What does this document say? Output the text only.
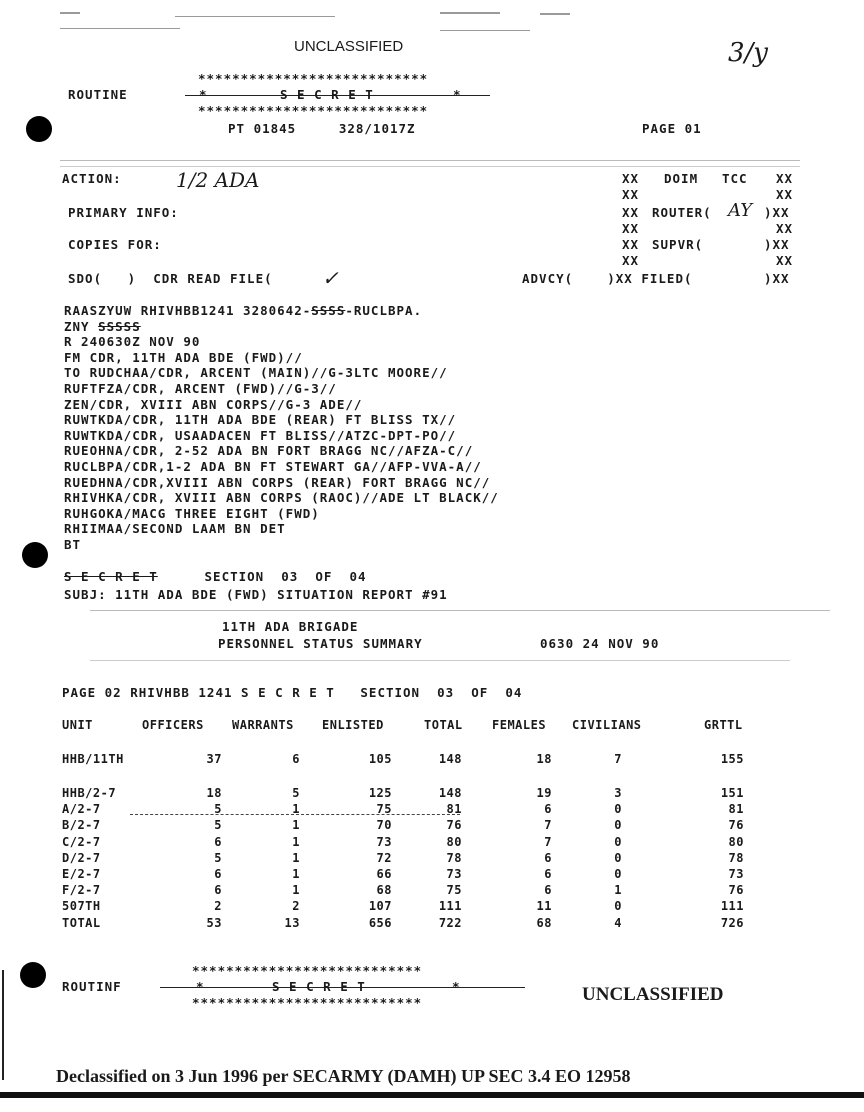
UNCLASSIFIED	3/y
***************************
ROUTINE	*	S E C R E T	*
***************************
PT 01845     328/1017Z	PAGE 01
ACTION:	1/2 ADA	XX DOIM TCC XX
XX	XX
PRIMARY INFO:	XX ROUTER( AY )XX
XX	XX
COPIES FOR:	XX SUPVR(	)XX
XX	XX
SDO(   )  CDR READ FILE( ✓	ADVCY(    )XX FILED(	)XX
RAASZYUW RHIVHBB1241 3280642-SSSS-RUCLBPA.
ZNY SSSSS
R 240630Z NOV 90
FM CDR, 11TH ADA BDE (FWD)//
TO RUDCHAA/CDR, ARCENT (MAIN)//G-3LTC MOORE//
RUFTFZA/CDR, ARCENT (FWD)//G-3//
ZEN/CDR, XVIII ABN CORPS//G-3 ADE//
RUWTKDA/CDR, 11TH ADA BDE (REAR) FT BLISS TX//
RUWTKDA/CDR, USAADACEN FT BLISS//ATZC-DPT-PO//
RUEOHNA/CDR, 2-52 ADA BN FORT BRAGG NC//AFZA-C//
RUCLBPA/CDR,1-2 ADA BN FT STEWART GA//AFP-VVA-A//
RUEDHNA/CDR,XVIII ABN CORPS (REAR) FORT BRAGG NC//
RHIVHKA/CDR, XVIII ABN CORPS (RAOC)//ADE LT BLACK//
RUHGOKA/MACG THREE EIGHT (FWD)
RHIIMAA/SECOND LAAM BN DET
BT
S E C R E T	SECTION  03  OF  04
SUBJ: 11TH ADA BDE (FWD) SITUATION REPORT #91
11TH ADA BRIGADE
PERSONNEL STATUS SUMMARY	0630 24 NOV 90
PAGE 02 RHIVHBB 1241 S E C R E T   SECTION  03  OF  04
UNIT	OFFICERS WARRANTS ENLISTED	TOTAL FEMALES CIVILIANS	GRTTL
HHB/11TH	37	6	105	148	18	7	155
HHB/2-7	18	5	125	148	19	3	151
A/2-7	5	1	75	81	6	0	81
B/2-7	5	1	70	76	7	0	76
C/2-7	6	1	73	80	7	0	80
D/2-7	5	1	72	78	6	0	78
E/2-7	6	1	66	73	6	0	73
F/2-7	6	1	68	75	6	1	76
507TH	2	2	107	111	11	0	111
TOTAL	53	13	656	722	68	4	726
***************************
ROUTINF	*	S E C R E T	*
***************************	UNCLASSIFIED
Declassified on 3 Jun 1996 per SECARMY (DAMH) UP SEC 3.4 EO 12958
